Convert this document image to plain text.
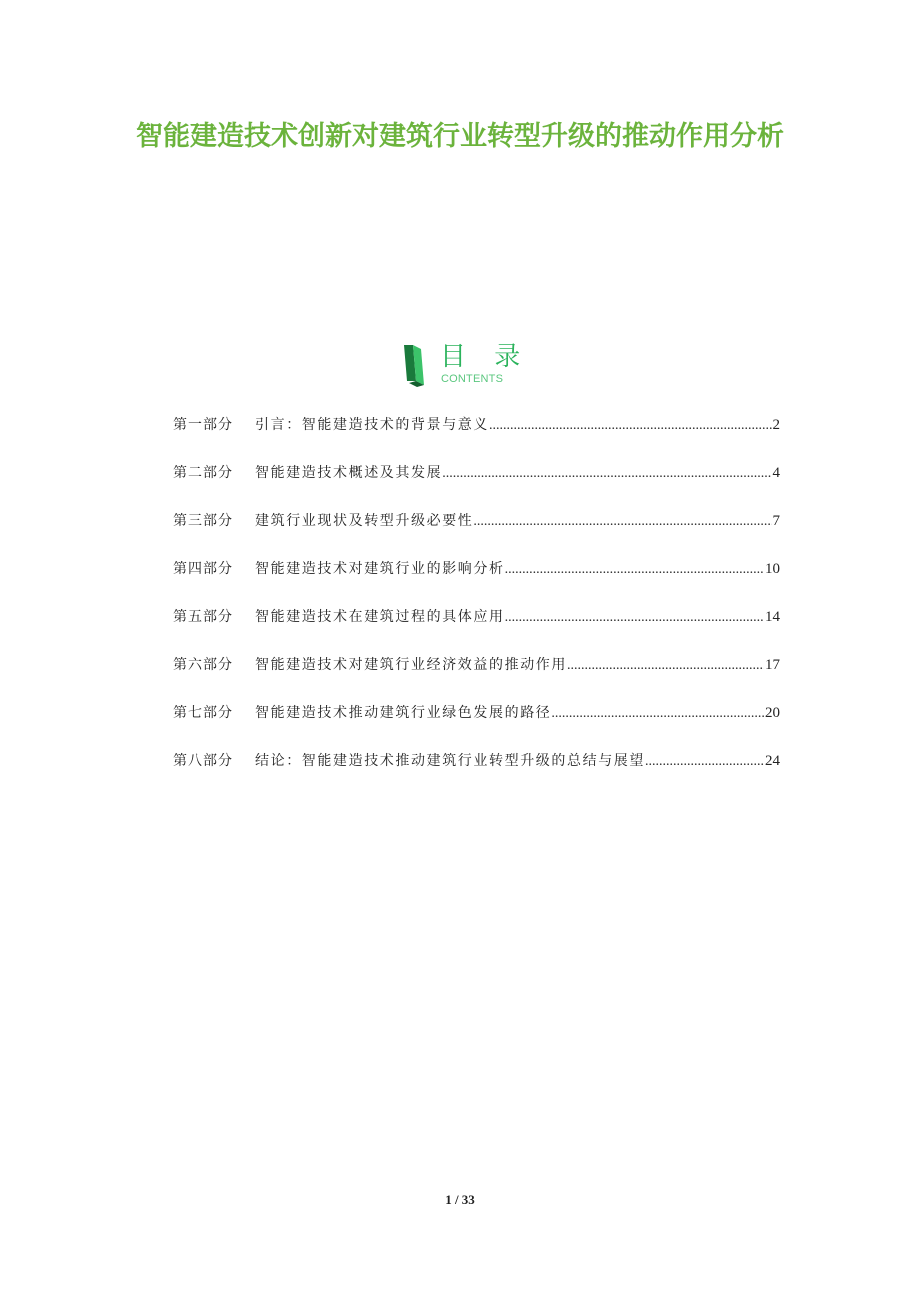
智能建造技术创新对建筑行业转型升级的推动作用分析
目 录
CONTENTS
第一部分	引言：智能建造技术的背景与意义 .....	2
第二部分	智能建造技术概述及其发展 .....	4
第三部分	建筑行业现状及转型升级必要性 .....	7
第四部分	智能建造技术对建筑行业的影响分析 .....	10
第五部分	智能建造技术在建筑过程的具体应用 .....	14
第六部分	智能建造技术对建筑行业经济效益的推动作用 .....	17
第七部分	智能建造技术推动建筑行业绿色发展的路径 .....	20
第八部分	结论：智能建造技术推动建筑行业转型升级的总结与展望 .....	24
1 / 33
